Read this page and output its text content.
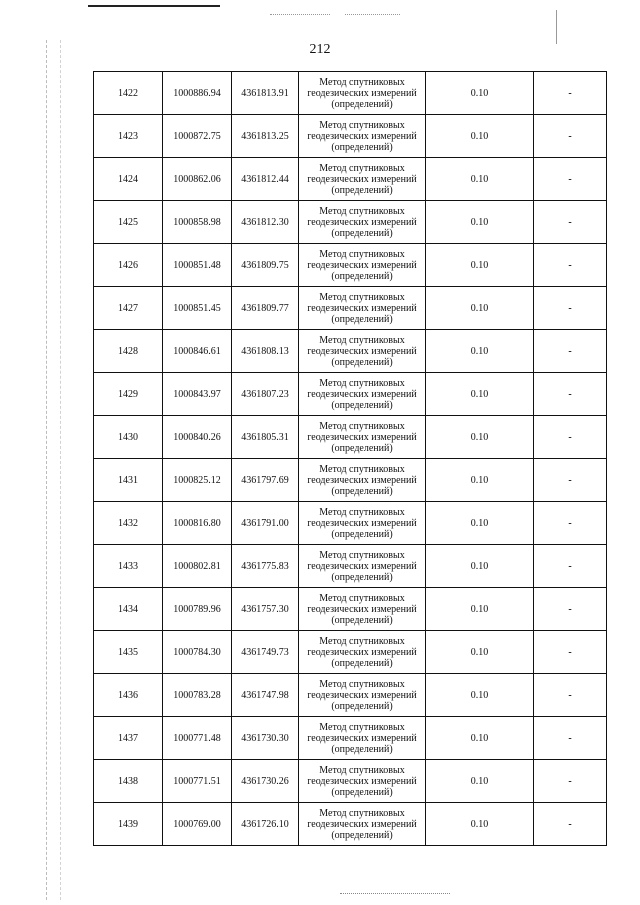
212
1422	1000886.94	4361813.91	Метод спутниковых
геодезических измерений
(определений)	0.10	-
1423	1000872.75	4361813.25	Метод спутниковых
геодезических измерений
(определений)	0.10	-
1424	1000862.06	4361812.44	Метод спутниковых
геодезических измерений
(определений)	0.10	-
1425	1000858.98	4361812.30	Метод спутниковых
геодезических измерений
(определений)	0.10	-
1426	1000851.48	4361809.75	Метод спутниковых
геодезических измерений
(определений)	0.10	-
1427	1000851.45	4361809.77	Метод спутниковых
геодезических измерений
(определений)	0.10	-
1428	1000846.61	4361808.13	Метод спутниковых
геодезических измерений
(определений)	0.10	-
1429	1000843.97	4361807.23	Метод спутниковых
геодезических измерений
(определений)	0.10	-
1430	1000840.26	4361805.31	Метод спутниковых
геодезических измерений
(определений)	0.10	-
1431	1000825.12	4361797.69	Метод спутниковых
геодезических измерений
(определений)	0.10	-
1432	1000816.80	4361791.00	Метод спутниковых
геодезических измерений
(определений)	0.10	-
1433	1000802.81	4361775.83	Метод спутниковых
геодезических измерений
(определений)	0.10	-
1434	1000789.96	4361757.30	Метод спутниковых
геодезических измерений
(определений)	0.10	-
1435	1000784.30	4361749.73	Метод спутниковых
геодезических измерений
(определений)	0.10	-
1436	1000783.28	4361747.98	Метод спутниковых
геодезических измерений
(определений)	0.10	-
1437	1000771.48	4361730.30	Метод спутниковых
геодезических измерений
(определений)	0.10	-
1438	1000771.51	4361730.26	Метод спутниковых
геодезических измерений
(определений)	0.10	-
1439	1000769.00	4361726.10	Метод спутниковых
геодезических измерений
(определений)	0.10	-
